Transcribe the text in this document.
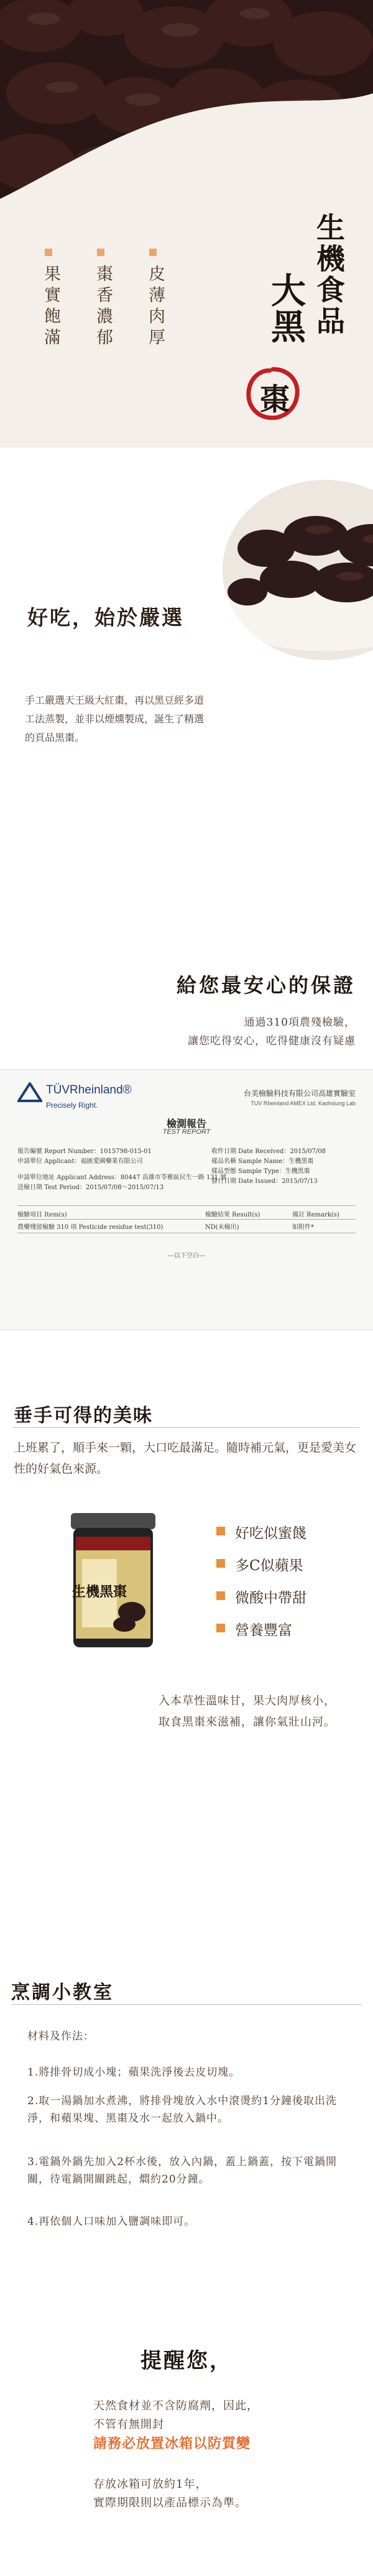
皮薄肉厚
棗香濃郁
果實飽滿	生機食品
大黑
棗
好吃，始於嚴選
手工嚴選天王級大紅棗，再以黑豆經多道工法蒸製，並非以煙燻製成，誕生了精選的頁品黑棗。
給您最安心的保證
通過310項農殘檢驗，
讓您吃得安心，吃得健康沒有疑慮
TÜVRheinland®
Precisely Right.
台美檢驗科技有限公司高雄實驗室
TUV Rheinland AMEX Ltd. Kaohsiung Lab
檢測報告
TEST REPORT
報告編號 Report Number：1015798-015-01
申請單位 Applicant：福匯愛國藥業有限公司
申請單位地址 Applicant Address：80447 高雄市苓雅區民生一路 131 號
送檢日期 Test Period：2015/07/08～2015/07/13
收件日期 Date Received：2015/07/08
樣品名稱 Sample Name：生機黑棗
樣品型態 Sample Type：生機黑棗
發行日期 Date Issued：2015/07/13
檢驗項目 Item(s)	檢驗結果 Result(s)	備註 Remark(s)
農藥殘留檢驗 310 項 Pesticide residue test(310)	ND(未檢出)	如附件*
---以下空白---
垂手可得的美味
上班累了，順手來一顆，大口吃最滿足。隨時補元氣，更是愛美女性的好氣色來源。
生機黑棗
好吃似蜜餞
多C似蘋果
微酸中帶甜
營養豐富
入本草性溫味甘，果大肉厚核小，
取食黑棗來滋補，讓你氣壯山河。
烹調小教室
材料及作法：
1.將排骨切成小塊；蘋果洗淨後去皮切塊。
2.取一湯鍋加水煮沸，將排骨塊放入水中滾燙約1分鐘後取出洗淨，和蘋果塊、黑棗及水一起放入鍋中。
3.電鍋外鍋先加入2杯水後，放入內鍋，蓋上鍋蓋，按下電鍋開關，待電鍋開關跳起，燜約20分鐘。
4.再依個人口味加入鹽調味即可。
提醒您，
天然食材並不含防腐劑，因此，
不管有無開封
請務必放置冰箱以防質變
存放冰箱可放約1年，
實際期限則以產品標示為準。
